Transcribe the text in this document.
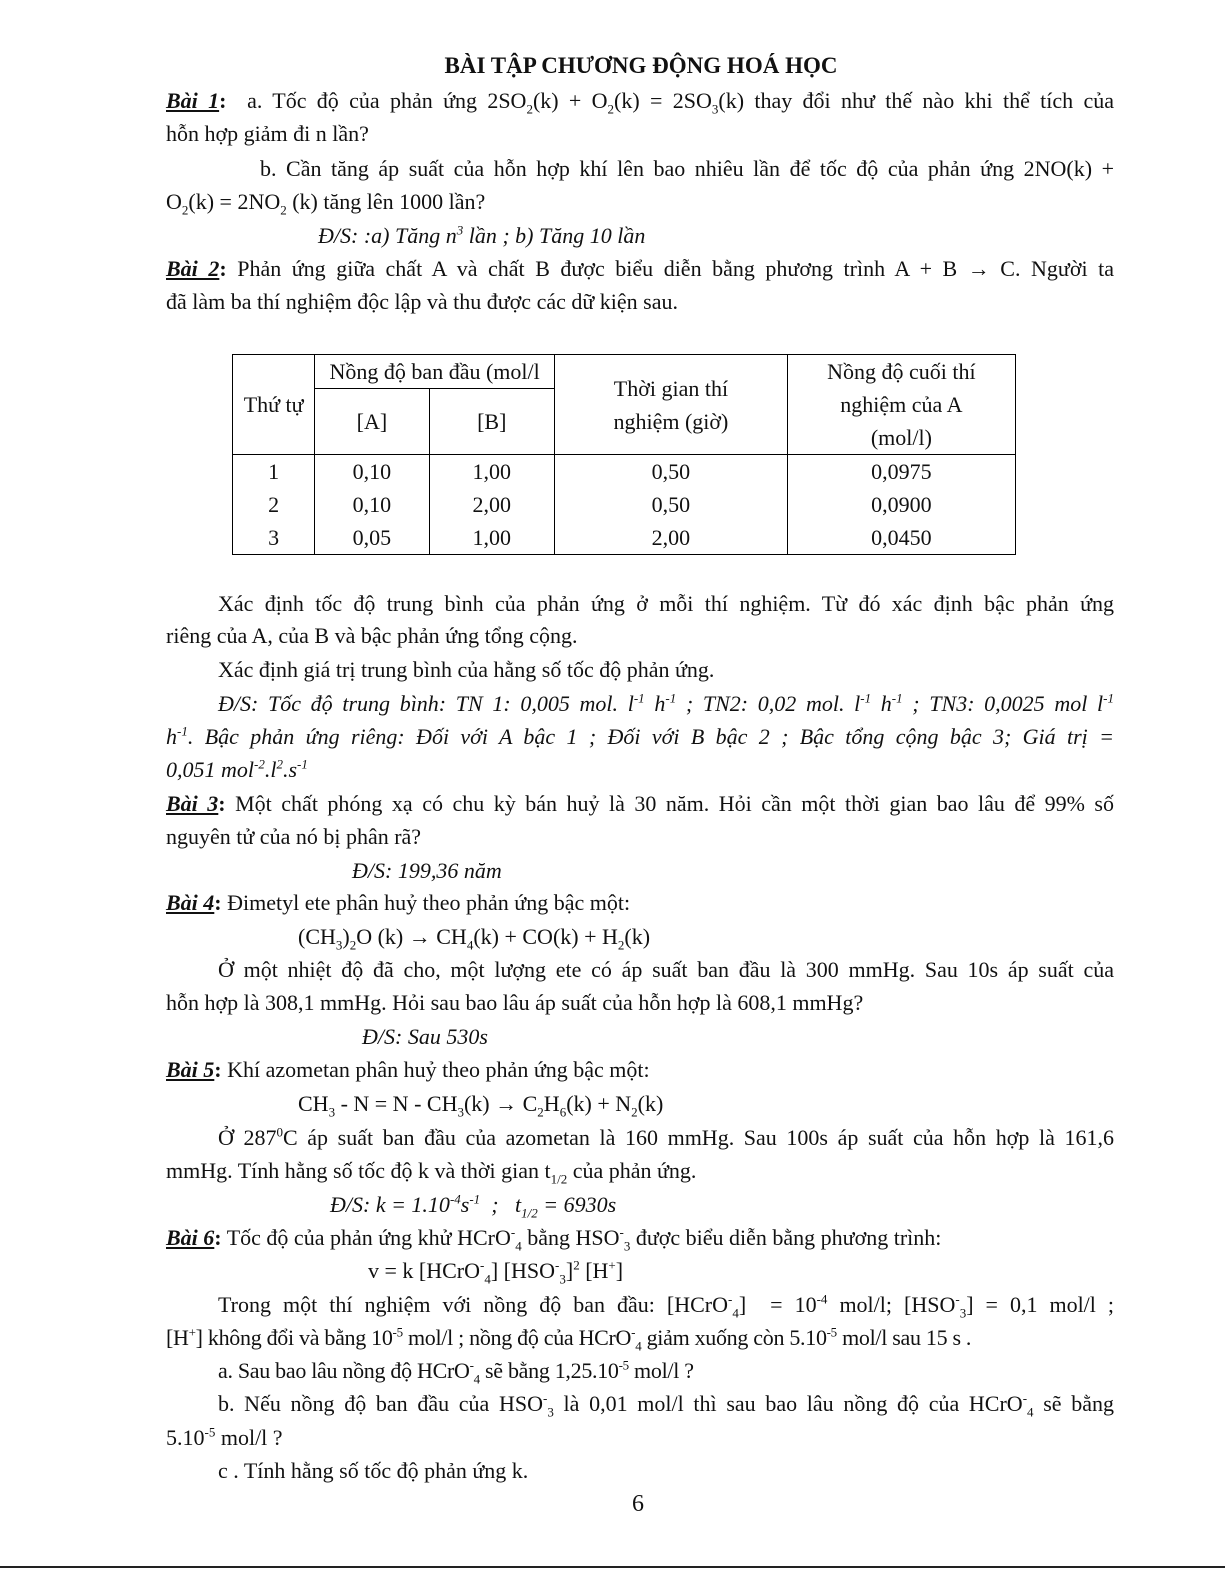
BÀI TẬP CHƯƠNG ĐỘNG HOÁ HỌC
Bài 1: a. Tốc độ của phản ứng $2SO_2(k) + O_2(k) = 2SO_3(k)$ thay đổi như thế nào khi thể tích của
hỗn hợp giảm đi n lần?
b. Cần tăng áp suất của hỗn hợp khí lên bao nhiêu lần để tốc độ của phản ứng 2NO(k) +
$O_2(k) = 2NO_2$ (k) tăng lên 1000 lần?
Đ/S: :a) Tăng $n^3$ lần ; b) Tăng 10 lần
Bài 2: Phản ứng giữa chất A và chất B được biểu diễn bằng phương trình A + B → C. Người ta
đã làm ba thí nghiệm độc lập và thu được các dữ kiện sau.
Thứ tự	Nồng độ ban đầu (mol/l		Thời gian thí nghiệm (giờ)	Nồng độ cuối thí nghiệm của A (mol/l)
	[A]	[B]		
1	0,10	1,00	0,50	0,0975
2	0,10	2,00	0,50	0,0900
3	0,05	1,00	2,00	0,0450
Xác định tốc độ trung bình của phản ứng ở mỗi thí nghiệm. Từ đó xác định bậc phản ứng
riêng của A, của B và bậc phản ứng tổng cộng.
Xác định giá trị trung bình của hằng số tốc độ phản ứng.
Đ/S: Tốc độ trung bình: TN 1: 0,005 mol. $l^{-1}$ $h^{-1}$ ; TN2: 0,02 mol. $l^{-1}$ $h^{-1}$ ; TN3: 0,0025 mol $l^{-1}$
$h^{-1}$. Bậc phản ứng riêng: Đối với A bậc 1 ; Đối với B bậc 2 ; Bậc tổng cộng bậc 3; Giá trị =
0,051 $mol^{-2}.l^2.s^{-1}$
Bài 3: Một chất phóng xạ có chu kỳ bán huỷ là 30 năm. Hỏi cần một thời gian bao lâu để 99% số
nguyên tử của nó bị phân rã?
Đ/S: 199,36 năm
Bài 4: Đimetyl ete phân huỷ theo phản ứng bậc một:
$(CH_3)_2O$ $(k) \to CH_4(k) + CO(k) + H_2(k)$
Ở một nhiệt độ đã cho, một lượng ete có áp suất ban đầu là 300 mmHg. Sau 10s áp suất của
hỗn hợp là 308,1 mmHg. Hỏi sau bao lâu áp suất của hỗn hợp là 608,1 mmHg?
Đ/S: Sau 530s
Bài 5: Khí azometan phân huỷ theo phản ứng bậc một:
$CH_3 - N = N - CH_3(k) \to C_2H_6(k) + N_2(k)$
Ở $287^0C$ áp suất ban đầu của azometan là 160 mmHg. Sau 100s áp suất của hỗn hợp là 161,6
mmHg. Tính hằng số tốc độ k và thời gian $t_{1/2}$ của phản ứng.
Đ/S: $k = 1.10^{-4}s^{-1}$  ;   $t_{1/2} = 6930s$
Bài 6: Tốc độ của phản ứng khử HCrO-$_4$ bằng $HSO^-_3$ được biểu diễn bằng phương trình:
v = k [HCrO-$_4$] $[HSO^-_3]^2$ [H+]
Trong một thí nghiệm với nồng độ ban đầu: [HCrO-$_4$]  = $10^{-4}$ mol/l; $[HSO^-_3] = 0,1$ mol/l ;
[H+] không đổi và bằng $10^{-5}$ mol/l ; nồng độ của HCrO-$_4$ giảm xuống còn $5.10^{-5}$ mol/l sau 15 s .
a. Sau bao lâu nồng độ HCrO-$_4$ sẽ bằng $1,25.10^{-5}$ mol/l ?
b. Nếu nồng độ ban đầu của $HSO^-_3$ là 0,01 mol/l thì sau bao lâu nồng độ của HCrO-$_4$ sẽ bằng
$5.10^{-5}$ mol/l ?
c . Tính hằng số tốc độ phản ứng k.
6
